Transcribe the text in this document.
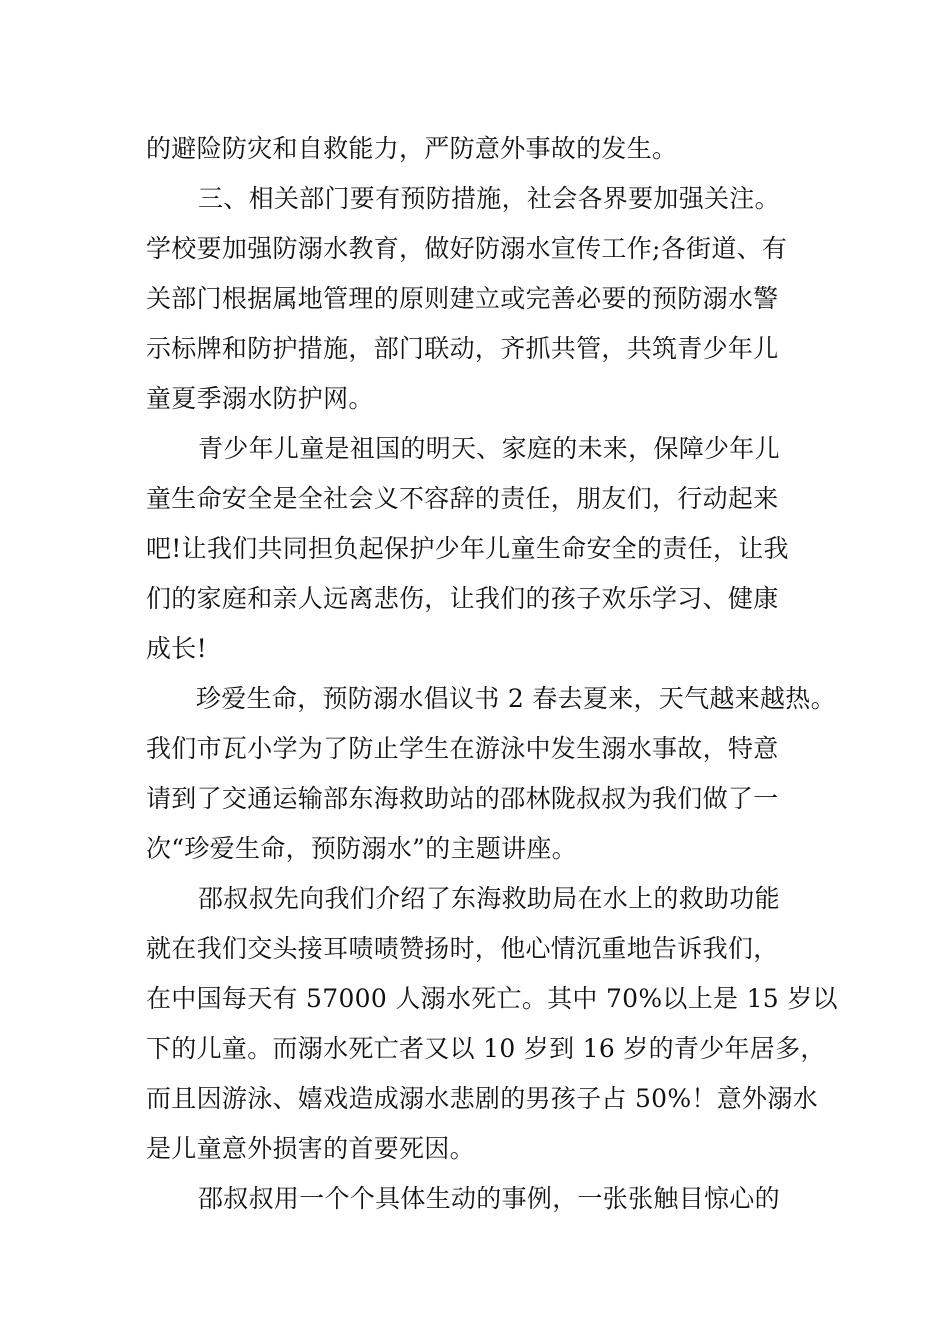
的避险防灾和自救能力，严防意外事故的发生。
三、相关部门要有预防措施，社会各界要加强关注。
学校要加强防溺水教育，做好防溺水宣传工作;各街道、有
关部门根据属地管理的原则建立或完善必要的预防溺水警
示标牌和防护措施，部门联动，齐抓共管，共筑青少年儿
童夏季溺水防护网。
青少年儿童是祖国的明天、家庭的未来，保障少年儿
童生命安全是全社会义不容辞的责任，朋友们，行动起来
吧!让我们共同担负起保护少年儿童生命安全的责任，让我
们的家庭和亲人远离悲伤，让我们的孩子欢乐学习、健康
成长!
珍爱生命，预防溺水倡议书 2 春去夏来，天气越来越热。
我们市瓦小学为了防止学生在游泳中发生溺水事故，特意
请到了交通运输部东海救助站的邵林陇叔叔为我们做了一
次“珍爱生命，预防溺水”的主题讲座。
邵叔叔先向我们介绍了东海救助局在水上的救助功能
就在我们交头接耳啧啧赞扬时，他心情沉重地告诉我们，
在中国每天有 57000 人溺水死亡。其中 70%以上是 15 岁以
下的儿童。而溺水死亡者又以 10 岁到 16 岁的青少年居多，
而且因游泳、嬉戏造成溺水悲剧的男孩子占 50%！意外溺水
是儿童意外损害的首要死因。
邵叔叔用一个个具体生动的事例，一张张触目惊心的
